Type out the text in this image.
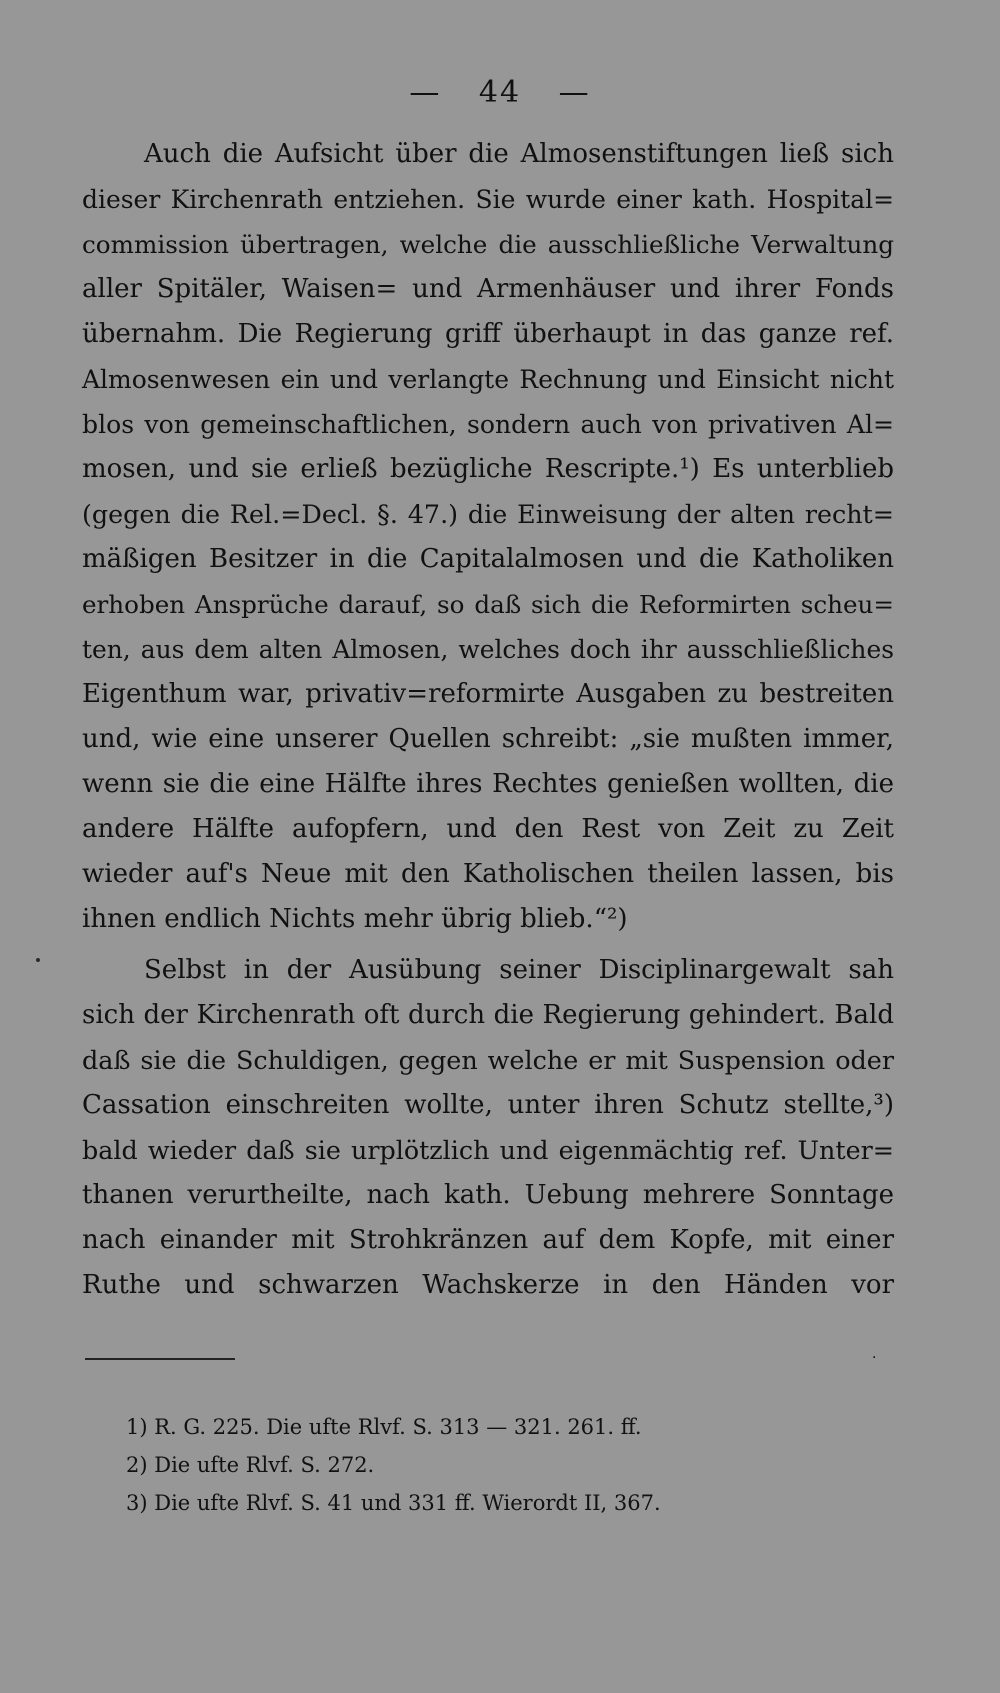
— 44 —
Auch die Aufsicht über die Almosenstiftungen ließ sich
dieser Kirchenrath entziehen. Sie wurde einer kath. Hospital=
commission übertragen, welche die ausschließliche Verwaltung
aller Spitäler, Waisen= und Armenhäuser und ihrer Fonds
übernahm. Die Regierung griff überhaupt in das ganze ref.
Almosenwesen ein und verlangte Rechnung und Einsicht nicht
blos von gemeinschaftlichen, sondern auch von privativen Al=
mosen, und sie erließ bezügliche Rescripte.¹) Es unterblieb
(gegen die Rel.=Decl. §. 47.) die Einweisung der alten recht=
mäßigen Besitzer in die Capitalalmosen und die Katholiken
erhoben Ansprüche darauf, so daß sich die Reformirten scheu=
ten, aus dem alten Almosen, welches doch ihr ausschließliches
Eigenthum war, privativ=reformirte Ausgaben zu bestreiten
und, wie eine unserer Quellen schreibt: „sie mußten immer,
wenn sie die eine Hälfte ihres Rechtes genießen wollten, die
andere Hälfte aufopfern, und den Rest von Zeit zu Zeit
wieder auf's Neue mit den Katholischen theilen lassen, bis
ihnen endlich Nichts mehr übrig blieb.“²)
Selbst in der Ausübung seiner Disciplinargewalt sah
sich der Kirchenrath oft durch die Regierung gehindert. Bald
daß sie die Schuldigen, gegen welche er mit Suspension oder
Cassation einschreiten wollte, unter ihren Schutz stellte,³)
bald wieder daß sie urplötzlich und eigenmächtig ref. Unter=
thanen verurtheilte, nach kath. Uebung mehrere Sonntage
nach einander mit Strohkränzen auf dem Kopfe, mit einer
Ruthe und schwarzen Wachskerze in den Händen vor
·
1) R. G. 225. Die ufte Rlvf. S. 313 — 321. 261. ff.
2) Die ufte Rlvf. S. 272.
3) Die ufte Rlvf. S. 41 und 331 ff. Wierordt II, 367.
